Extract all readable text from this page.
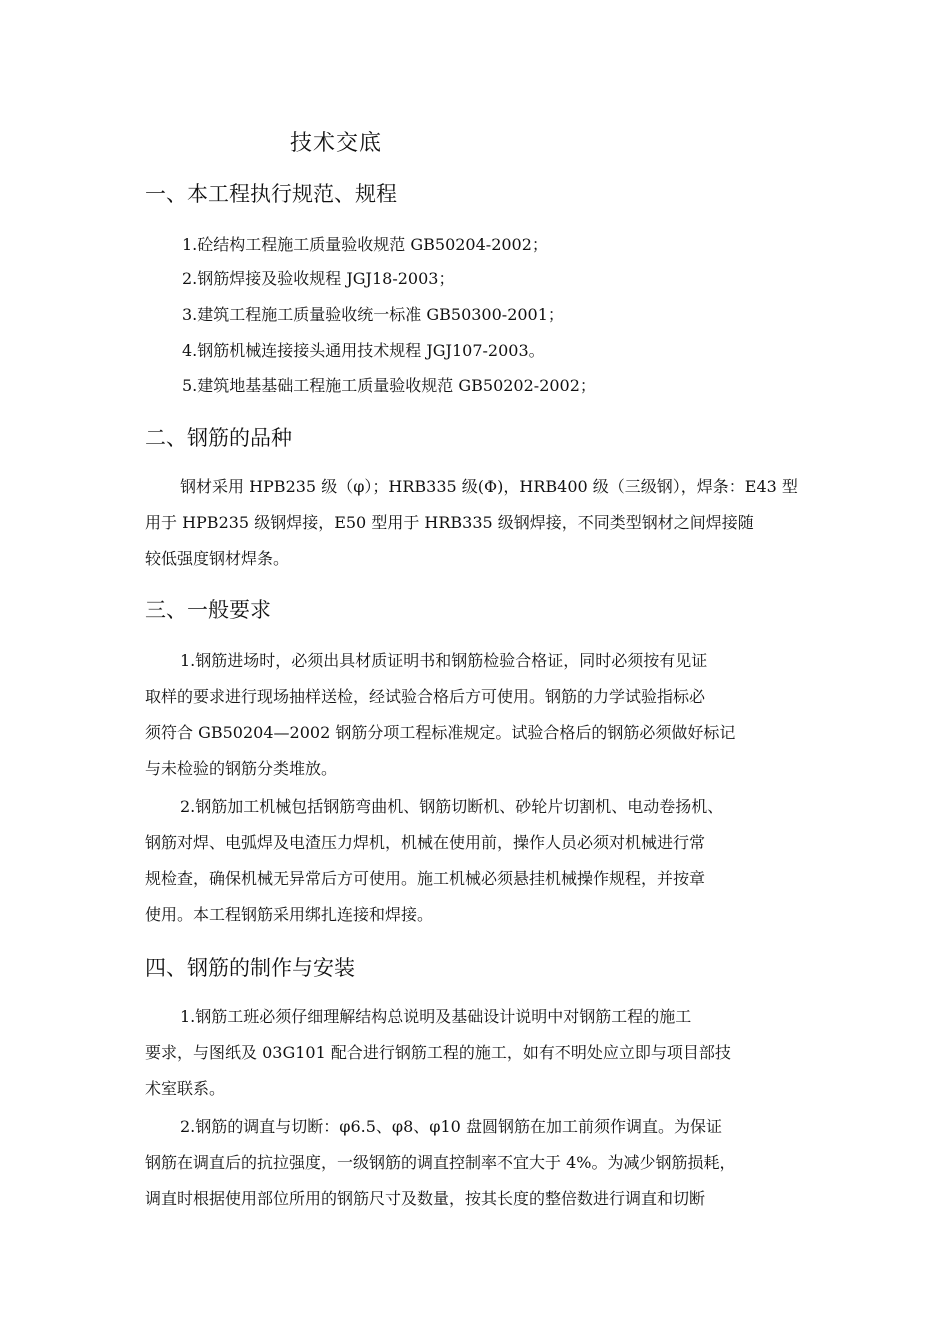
技术交底
一、本工程执行规范、规程
1.砼结构工程施工质量验收规范 GB50204-2002；
2.钢筋焊接及验收规程 JGJ18-2003；
3.建筑工程施工质量验收统一标准 GB50300-2001；
4.钢筋机械连接接头通用技术规程 JGJ107-2003。
5.建筑地基基础工程施工质量验收规范 GB50202-2002；
二、钢筋的品种
钢材采用 HPB235 级（φ）；HRB335 级(Φ)，HRB400 级（三级钢），焊条：E43 型
用于 HPB235 级钢焊接，E50 型用于 HRB335 级钢焊接，不同类型钢材之间焊接随
较低强度钢材焊条。
三、一般要求
1.钢筋进场时，必须出具材质证明书和钢筋检验合格证，同时必须按有见证
取样的要求进行现场抽样送检，经试验合格后方可使用。钢筋的力学试验指标必
须符合 GB50204—2002 钢筋分项工程标准规定。试验合格后的钢筋必须做好标记
与未检验的钢筋分类堆放。
2.钢筋加工机械包括钢筋弯曲机、钢筋切断机、砂轮片切割机、电动卷扬机、
钢筋对焊、电弧焊及电渣压力焊机，机械在使用前，操作人员必须对机械进行常
规检查，确保机械无异常后方可使用。施工机械必须悬挂机械操作规程，并按章
使用。本工程钢筋采用绑扎连接和焊接。
四、钢筋的制作与安装
1.钢筋工班必须仔细理解结构总说明及基础设计说明中对钢筋工程的施工
要求，与图纸及 03G101 配合进行钢筋工程的施工，如有不明处应立即与项目部技
术室联系。
2.钢筋的调直与切断：φ6.5、φ8、φ10 盘圆钢筋在加工前须作调直。为保证
钢筋在调直后的抗拉强度，一级钢筋的调直控制率不宜大于 4%。为减少钢筋损耗，
调直时根据使用部位所用的钢筋尺寸及数量，按其长度的整倍数进行调直和切断
